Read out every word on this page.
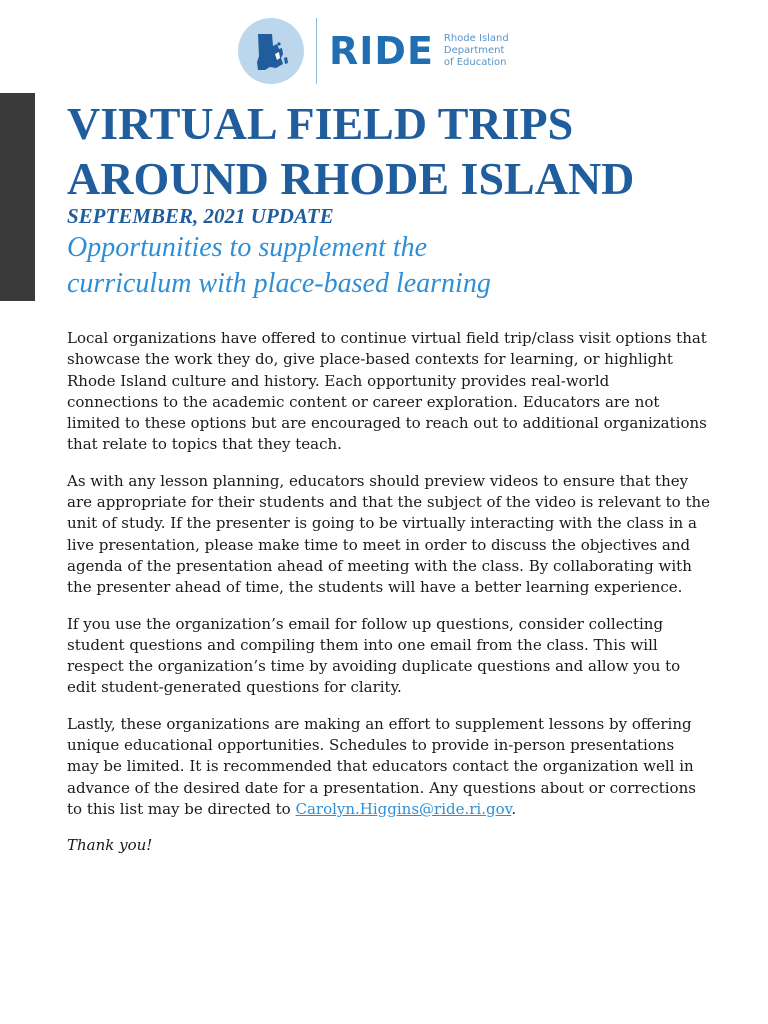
RIDE Rhode Island
Department
of Education
VIRTUAL FIELD TRIPS
AROUND RHODE ISLAND
SEPTEMBER, 2021 UPDATE
Opportunities to supplement the
curriculum with place-based learning

Local organizations have offered to continue virtual field trip/class visit options that
showcase the work they do, give place-based contexts for learning, or highlight
Rhode Island culture and history. Each opportunity provides real-world
connections to the academic content or career exploration. Educators are not
limited to these options but are encouraged to reach out to additional organizations
that relate to topics that they teach.

As with any lesson planning, educators should preview videos to ensure that they
are appropriate for their students and that the subject of the video is relevant to the
unit of study. If the presenter is going to be virtually interacting with the class in a
live presentation, please make time to meet in order to discuss the objectives and
agenda of the presentation ahead of meeting with the class. By collaborating with
the presenter ahead of time, the students will have a better learning experience.

If you use the organization’s email for follow up questions, consider collecting
student questions and compiling them into one email from the class. This will
respect the organization’s time by avoiding duplicate questions and allow you to
edit student-generated questions for clarity.

Lastly, these organizations are making an effort to supplement lessons by offering
unique educational opportunities. Schedules to provide in-person presentations
may be limited. It is recommended that educators contact the organization well in
advance of the desired date for a presentation. Any questions about or corrections
to this list may be directed to Carolyn.Higgins@ride.ri.gov.

Thank you!
